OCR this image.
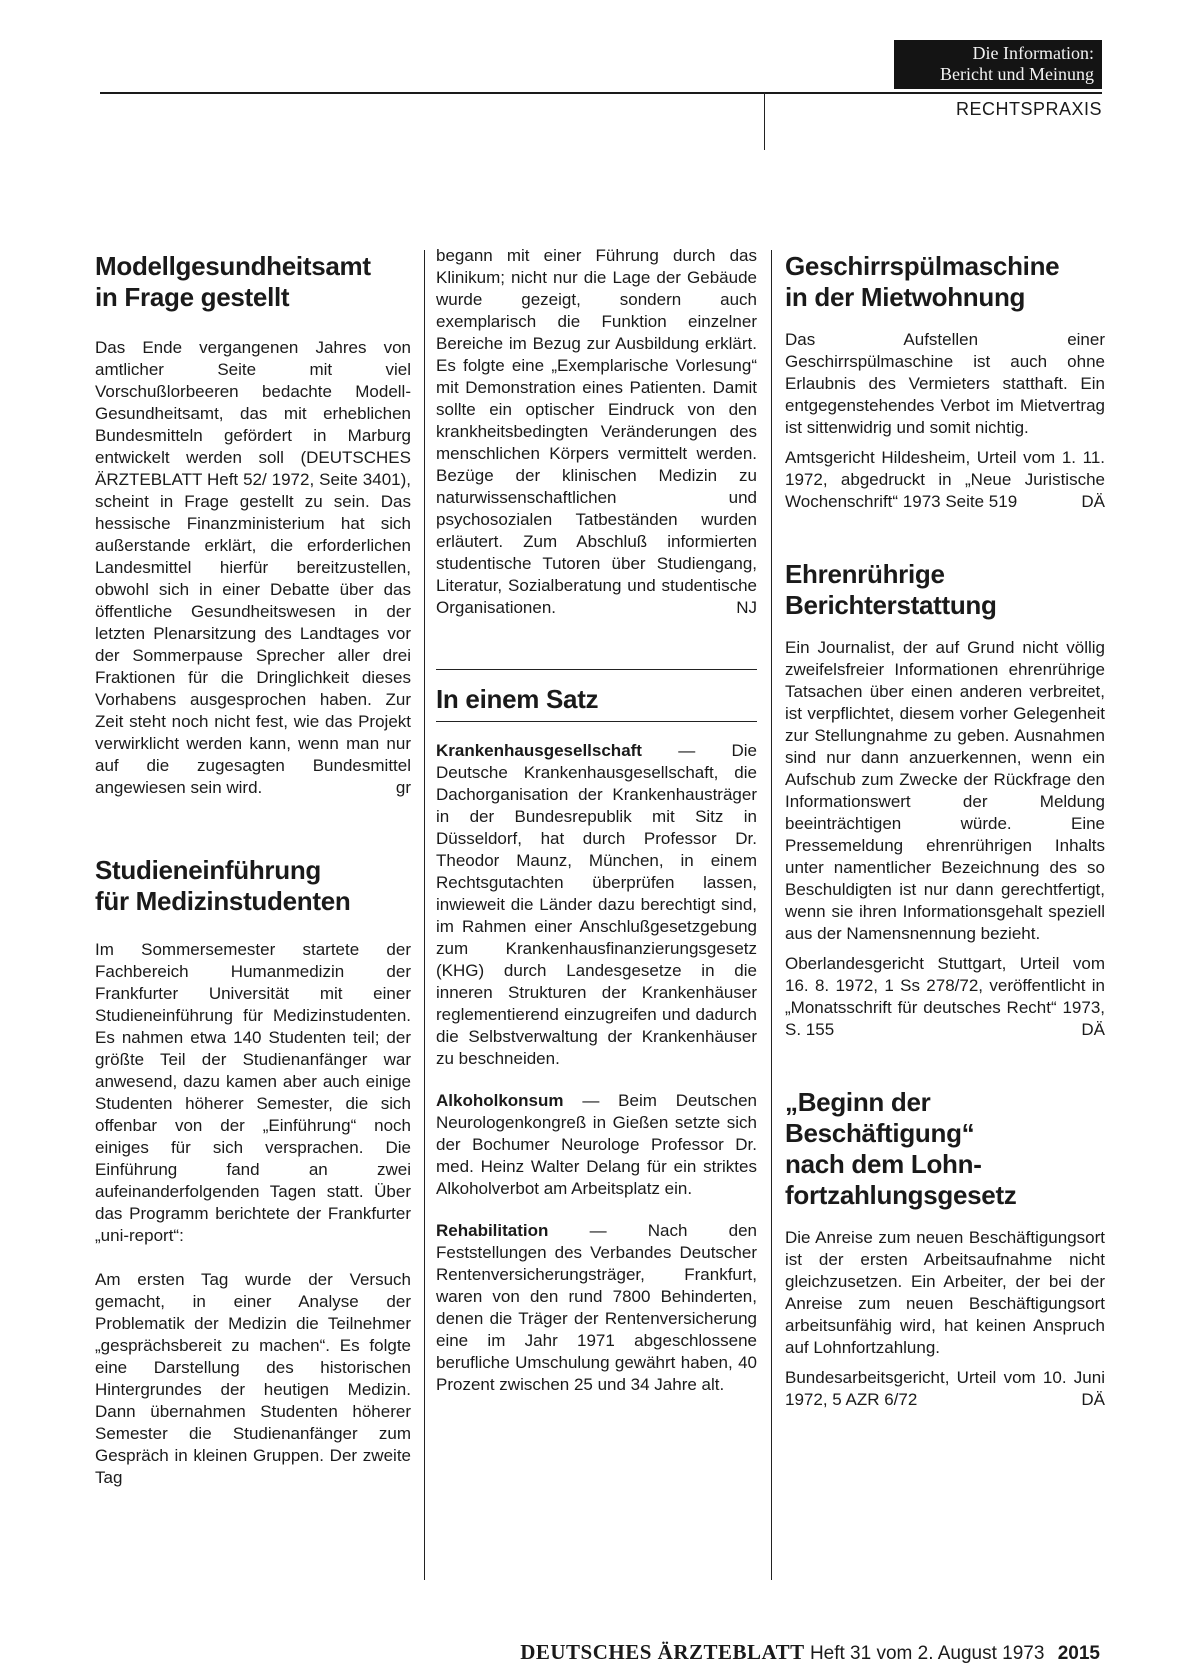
Die Information:
Bericht und Meinung
RECHTSPRAXIS
Modellgesundheitsamt
in Frage gestellt

Das Ende vergangenen Jahres von amtlicher Seite mit viel Vorschußlorbeeren bedachte Modell-Gesundheitsamt, das mit erheblichen Bundesmitteln gefördert in Marburg entwickelt werden soll (DEUTSCHES ÄRZTEBLATT Heft 52/ 1972, Seite 3401), scheint in Frage gestellt zu sein. Das hessische Finanzministerium hat sich außerstande erklärt, die erforderlichen Landesmittel hierfür bereitzustellen, obwohl sich in einer Debatte über das öffentliche Gesundheitswesen in der letzten Plenarsitzung des Landtages vor der Sommerpause Sprecher aller drei Fraktionen für die Dringlichkeit dieses Vorhabens ausgesprochen haben. Zur Zeit steht noch nicht fest, wie das Projekt verwirklicht werden kann, wenn man nur auf die zugesagten Bundesmittel angewiesen sein wird.	gr

Studieneinführung
für Medizinstudenten

Im Sommersemester startete der Fachbereich Humanmedizin der Frankfurter Universität mit einer Studieneinführung für Medizinstudenten. Es nahmen etwa 140 Studenten teil; der größte Teil der Studienanfänger war anwesend, dazu kamen aber auch einige Studenten höherer Semester, die sich offenbar von der „Einführung“ noch einiges für sich versprachen. Die Einführung fand an zwei aufeinanderfolgenden Tagen statt. Über das Programm berichtete der Frankfurter „uni-report“:

Am ersten Tag wurde der Versuch gemacht, in einer Analyse der Problematik der Medizin die Teilnehmer „gesprächsbereit zu machen“. Es folgte eine Darstellung des historischen Hintergrundes der heutigen Medizin. Dann übernahmen Studenten höherer Semester die Studienanfänger zum Gespräch in kleinen Gruppen. Der zweite Tag

begann mit einer Führung durch das Klinikum; nicht nur die Lage der Gebäude wurde gezeigt, sondern auch exemplarisch die Funktion einzelner Bereiche im Bezug zur Ausbildung erklärt. Es folgte eine „Exemplarische Vorlesung“ mit Demonstration eines Patienten. Damit sollte ein optischer Eindruck von den krankheitsbedingten Veränderungen des menschlichen Körpers vermittelt werden. Bezüge der klinischen Medizin zu naturwissenschaftlichen und psychosozialen Tatbeständen wurden erläutert. Zum Abschluß informierten studentische Tutoren über Studiengang, Literatur, Sozialberatung und studentische Organisationen.	NJ

In einem Satz

Krankenhausgesellschaft — Die Deutsche Krankenhausgesellschaft, die Dachorganisation der Krankenhausträger in der Bundesrepublik mit Sitz in Düsseldorf, hat durch Professor Dr. Theodor Maunz, München, in einem Rechtsgutachten überprüfen lassen, inwieweit die Länder dazu berechtigt sind, im Rahmen einer Anschlußgesetzgebung zum Krankenhausfinanzierungsgesetz (KHG) durch Landesgesetze in die inneren Strukturen der Krankenhäuser reglementierend einzugreifen und dadurch die Selbstverwaltung der Krankenhäuser zu beschneiden.

Alkoholkonsum — Beim Deutschen Neurologenkongreß in Gießen setzte sich der Bochumer Neurologe Professor Dr. med. Heinz Walter Delang für ein striktes Alkoholverbot am Arbeitsplatz ein.

Rehabilitation — Nach den Feststellungen des Verbandes Deutscher Rentenversicherungsträger, Frankfurt, waren von den rund 7800 Behinderten, denen die Träger der Rentenversicherung eine im Jahr 1971 abgeschlossene berufliche Umschulung gewährt haben, 40 Prozent zwischen 25 und 34 Jahre alt.

Geschirrspülmaschine
in der Mietwohnung

Das Aufstellen einer Geschirrspülmaschine ist auch ohne Erlaubnis des Vermieters statthaft. Ein entgegenstehendes Verbot im Mietvertrag ist sittenwidrig und somit nichtig.

Amtsgericht Hildesheim, Urteil vom 1. 11. 1972, abgedruckt in „Neue Juristische Wochenschrift“ 1973 Seite 519	DÄ

Ehrenrührige
Berichterstattung

Ein Journalist, der auf Grund nicht völlig zweifelsfreier Informationen ehrenrührige Tatsachen über einen anderen verbreitet, ist verpflichtet, diesem vorher Gelegenheit zur Stellungnahme zu geben. Ausnahmen sind nur dann anzuerkennen, wenn ein Aufschub zum Zwecke der Rückfrage den Informationswert der Meldung beeinträchtigen würde. Eine Pressemeldung ehrenrührigen Inhalts unter namentlicher Bezeichnung des so Beschuldigten ist nur dann gerechtfertigt, wenn sie ihren Informationsgehalt speziell aus der Namensnennung bezieht.

Oberlandesgericht Stuttgart, Urteil vom 16. 8. 1972, 1 Ss 278/72, veröffentlicht in „Monatsschrift für deutsches Recht“ 1973, S. 155	DÄ

„Beginn der
Beschäftigung“
nach dem Lohn-
fortzahlungsgesetz

Die Anreise zum neuen Beschäftigungsort ist der ersten Arbeitsaufnahme nicht gleichzusetzen. Ein Arbeiter, der bei der Anreise zum neuen Beschäftigungsort arbeitsunfähig wird, hat keinen Anspruch auf Lohnfortzahlung.

Bundesarbeitsgericht, Urteil vom 10. Juni 1972, 5 AZR 6/72	DÄ

DEUTSCHES ÄRZTEBLATT Heft 31 vom 2. August 1973 2015
